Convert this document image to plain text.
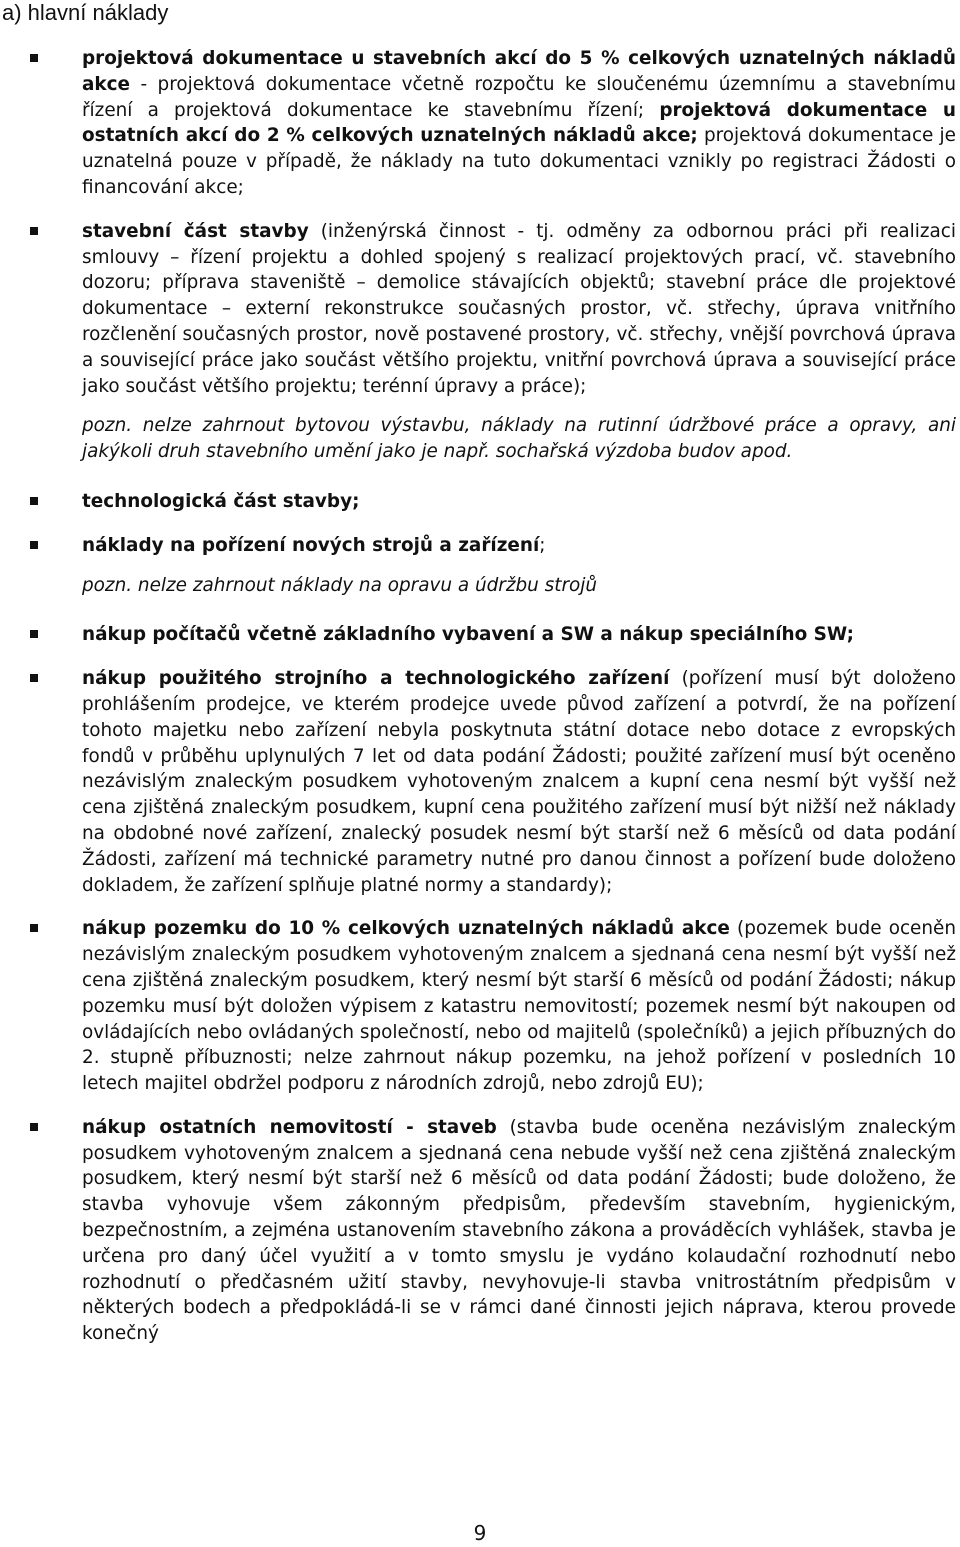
a) hlavní náklady

projektová dokumentace u stavebních akcí do 5 % celkových uznatelných nákladů akce - projektová dokumentace včetně rozpočtu ke sloučenému územnímu a stavebnímu řízení a projektová dokumentace ke stavebnímu řízení; projektová dokumentace u ostatních akcí do 2 % celkových uznatelných nákladů akce; projektová dokumentace je uznatelná pouze v případě, že náklady na tuto dokumentaci vznikly po registraci Žádosti o financování akce;

stavební část stavby (inženýrská činnost - tj. odměny za odbornou práci při realizaci smlouvy – řízení projektu a dohled spojený s realizací projektových prací, vč. stavebního dozoru; příprava staveniště – demolice stávajících objektů; stavební práce dle projektové dokumentace – externí rekonstrukce současných prostor, vč. střechy, úprava vnitřního rozčlenění současných prostor, nově postavené prostory, vč. střechy, vnější povrchová úprava a související práce jako součást většího projektu, vnitřní povrchová úprava a související práce jako součást většího projektu; terénní úpravy a práce);

pozn. nelze zahrnout bytovou výstavbu, náklady na rutinní údržbové práce a opravy, ani jakýkoli druh stavebního umění jako je např. sochařská výzdoba budov apod.

technologická část stavby;

náklady na pořízení nových strojů a zařízení;

pozn. nelze zahrnout náklady na opravu a údržbu strojů

nákup počítačů včetně základního vybavení a SW a nákup speciálního SW;

nákup použitého strojního a technologického zařízení (pořízení musí být doloženo prohlášením prodejce, ve kterém prodejce uvede původ zařízení a potvrdí, že na pořízení tohoto majetku nebo zařízení nebyla poskytnuta státní dotace nebo dotace z evropských fondů v průběhu uplynulých 7 let od data podání Žádosti; použité zařízení musí být oceněno nezávislým znaleckým posudkem vyhotoveným znalcem a kupní cena nesmí být vyšší než cena zjištěná znaleckým posudkem, kupní cena použitého zařízení musí být nižší než náklady na obdobné nové zařízení, znalecký posudek nesmí být starší než 6 měsíců od data podání Žádosti, zařízení má technické parametry nutné pro danou činnost a pořízení bude doloženo dokladem, že zařízení splňuje platné normy a standardy);

nákup pozemku do 10 % celkových uznatelných nákladů akce (pozemek bude oceněn nezávislým znaleckým posudkem vyhotoveným znalcem a sjednaná cena nesmí být vyšší než cena zjištěná znaleckým posudkem, který nesmí být starší 6 měsíců od podání Žádosti; nákup pozemku musí být doložen výpisem z katastru nemovitostí; pozemek nesmí být nakoupen od ovládajících nebo ovládaných společností, nebo od majitelů (společníků) a jejich příbuzných do 2. stupně příbuznosti; nelze zahrnout nákup pozemku, na jehož pořízení v posledních 10 letech majitel obdržel podporu z národních zdrojů, nebo zdrojů EU);

nákup ostatních nemovitostí - staveb (stavba bude oceněna nezávislým znaleckým posudkem vyhotoveným znalcem a sjednaná cena nebude vyšší než cena zjištěná znaleckým posudkem, který nesmí být starší než 6 měsíců od data podání Žádosti; bude doloženo, že stavba vyhovuje všem zákonným předpisům, především stavebním, hygienickým, bezpečnostním, a zejména ustanovením stavebního zákona a prováděcích vyhlášek, stavba je určena pro daný účel využití a v tomto smyslu je vydáno kolaudační rozhodnutí nebo rozhodnutí o předčasném užití stavby, nevyhovuje-li stavba vnitrostátním předpisům v některých bodech a předpokládá-li se v rámci dané činnosti jejich náprava, kterou provede konečný

9
